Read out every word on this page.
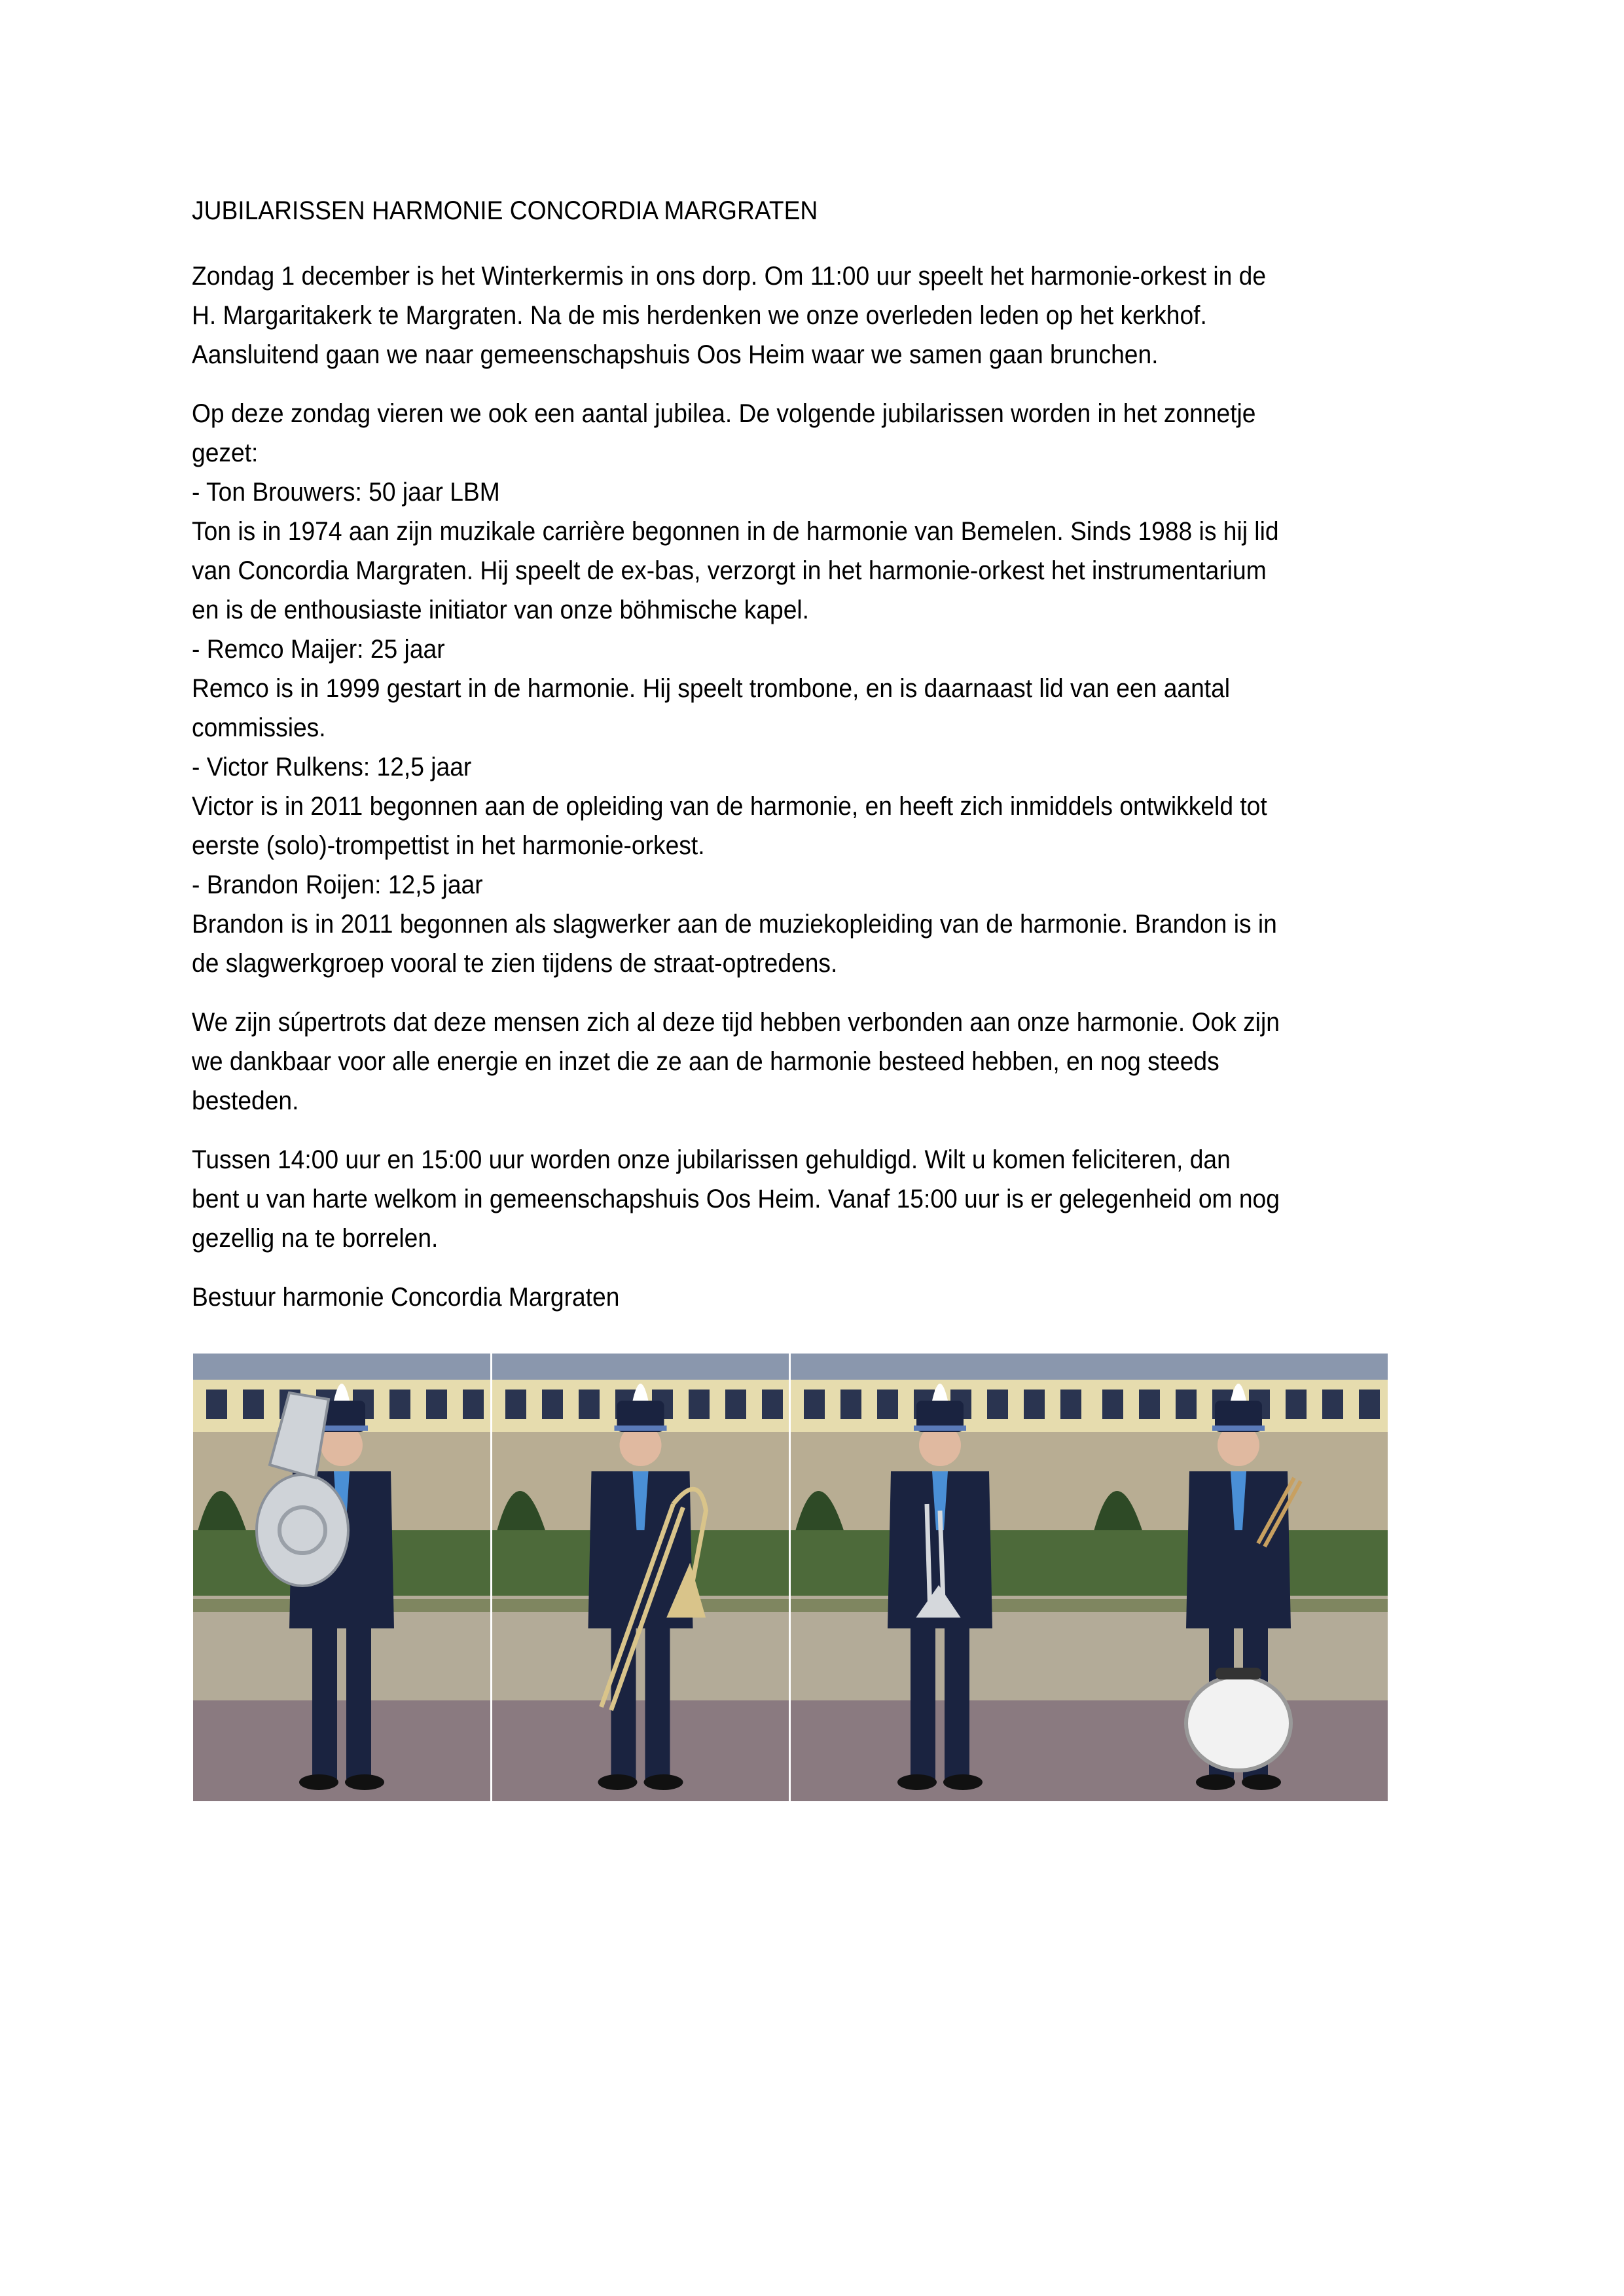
JUBILARISSEN HARMONIE CONCORDIA MARGRATEN
Zondag 1 december is het Winterkermis in ons dorp. Om 11:00 uur speelt het harmonie-orkest in de
H. Margaritakerk te Margraten. Na de mis herdenken we onze overleden leden op het kerkhof.
Aansluitend gaan we naar gemeenschapshuis Oos Heim waar we samen gaan brunchen.
Op deze zondag vieren we ook een aantal jubilea. De volgende jubilarissen worden in het zonnetje
gezet:
- Ton Brouwers: 50 jaar LBM
Ton is in 1974 aan zijn muzikale carrière begonnen in de harmonie van Bemelen. Sinds 1988 is hij lid
van Concordia Margraten. Hij speelt de ex-bas, verzorgt in het harmonie-orkest het instrumentarium
en is de enthousiaste initiator van onze böhmische kapel.
- Remco Maijer: 25 jaar
Remco is in 1999 gestart in de harmonie. Hij speelt trombone, en is daarnaast lid van een aantal
commissies.
- Victor Rulkens: 12,5 jaar
Victor is in 2011 begonnen aan de opleiding van de harmonie, en heeft zich inmiddels ontwikkeld tot
eerste (solo)-trompettist in het harmonie-orkest.
- Brandon Roijen: 12,5 jaar
Brandon is in 2011 begonnen als slagwerker aan de muziekopleiding van de harmonie. Brandon is in
de slagwerkgroep vooral te zien tijdens de straat-optredens.
We zijn súpertrots dat deze mensen zich al deze tijd hebben verbonden aan onze harmonie. Ook zijn
we dankbaar voor alle energie en inzet die ze aan de harmonie besteed hebben, en nog steeds
besteden.
Tussen 14:00 uur en 15:00 uur worden onze jubilarissen gehuldigd. Wilt u komen feliciteren, dan
bent u van harte welkom in gemeenschapshuis Oos Heim. Vanaf 15:00 uur is er gelegenheid om nog
gezellig na te borrelen.
Bestuur harmonie Concordia Margraten
